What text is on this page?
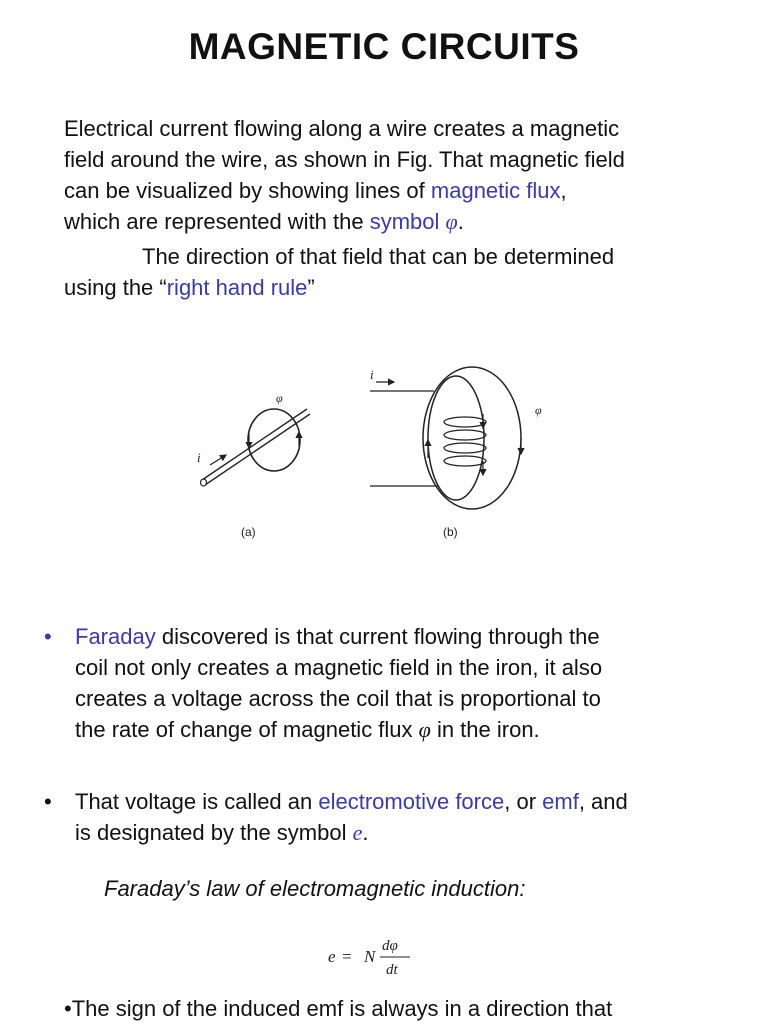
MAGNETIC CIRCUITS

Electrical current flowing along a wire creates a magnetic
field around the wire, as shown in Fig. That magnetic field
can be visualized by showing lines of magnetic flux,
which are represented with the symbol φ.

The direction of that field that can be determined
using the “right hand rule”

i
φ
i
φ
(a)	(b)
•	Faraday discovered is that current flowing through the
coil not only creates a magnetic field in the iron, it also
creates a voltage across the coil that is proportional to
the rate of change of magnetic flux φ in the iron.
•	That voltage is called an electromotive force, or emf, and
is designated by the symbol e.

Faraday’s law of electromagnetic induction:

e = N
dφ
dt

•The sign of the induced emf is always in a direction that
